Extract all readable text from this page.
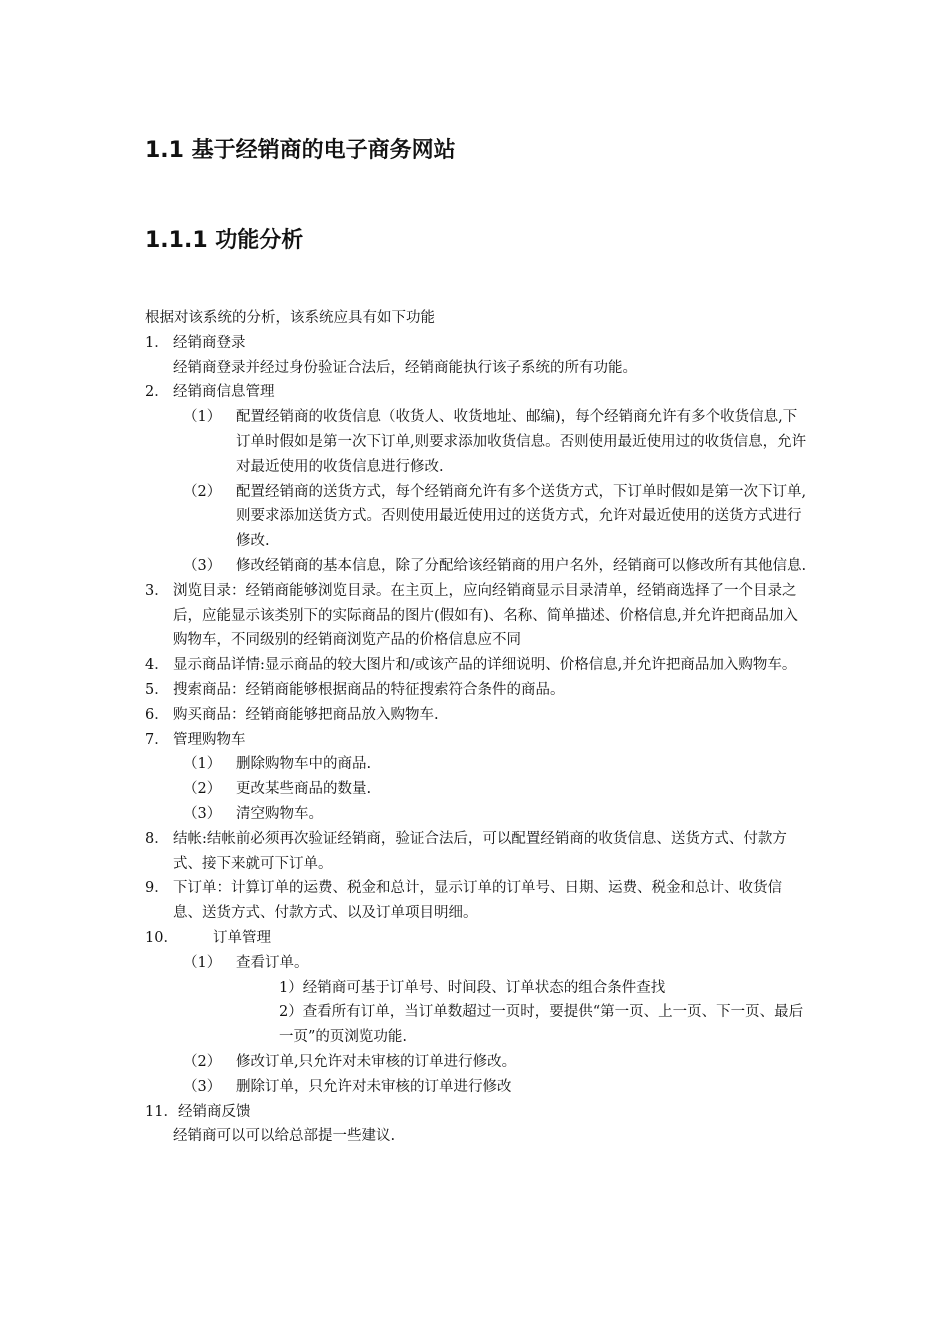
1.1 基于经销商的电子商务网站
1.1.1 功能分析
根据对该系统的分析，该系统应具有如下功能
1． 经销商登录
经销商登录并经过身份验证合法后，经销商能执行该子系统的所有功能。
2． 经销商信息管理
（1） 配置经销商的收货信息（收货人、收货地址、邮编)，每个经销商允许有多个收货信息,下订单时假如是第一次下订单,则要求添加收货信息。否则使用最近使用过的收货信息，允许对最近使用的收货信息进行修改.
（2） 配置经销商的送货方式，每个经销商允许有多个送货方式，下订单时假如是第一次下订单,则要求添加送货方式。否则使用最近使用过的送货方式，允许对最近使用的送货方式进行修改.
（3） 修改经销商的基本信息，除了分配给该经销商的用户名外，经销商可以修改所有其他信息.
3． 浏览目录：经销商能够浏览目录。在主页上，应向经销商显示目录清单，经销商选择了一个目录之后，应能显示该类别下的实际商品的图片(假如有)、名称、简单描述、价格信息,并允许把商品加入购物车，不同级别的经销商浏览产品的价格信息应不同
4． 显示商品详情:显示商品的较大图片和/或该产品的详细说明、价格信息,并允许把商品加入购物车。
5． 搜索商品：经销商能够根据商品的特征搜索符合条件的商品。
6． 购买商品：经销商能够把商品放入购物车.
7． 管理购物车
（1） 删除购物车中的商品.
（2） 更改某些商品的数量.
（3） 清空购物车。
8． 结帐:结帐前必须再次验证经销商，验证合法后，可以配置经销商的收货信息、送货方式、付款方式、接下来就可下订单。
9． 下订单：计算订单的运费、税金和总计，显示订单的订单号、日期、运费、税金和总计、收货信息、送货方式、付款方式、以及订单项目明细。
10． 订单管理
（1） 查看订单。
1）经销商可基于订单号、时间段、订单状态的组合条件查找
2）查看所有订单，当订单数超过一页时，要提供“第一页、上一页、下一页、最后一页”的页浏览功能.
（2） 修改订单,只允许对未审核的订单进行修改。
（3） 删除订单，只允许对未审核的订单进行修改
11．经销商反馈
经销商可以可以给总部提一些建议.
